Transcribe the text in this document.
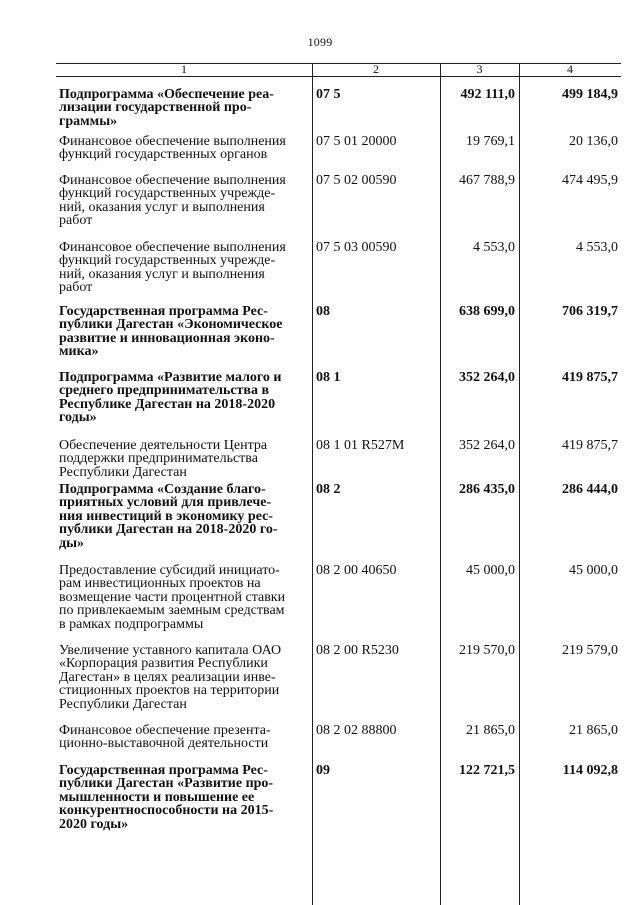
1099
1	2	3	4
Подпрограмма «Обеспечение реа-
лизации государственной про-
граммы»
07 5	492 111,0	499 184,9
Финансовое обеспечение выполнения
функций государственных органов
07 5 01 20000	19 769,1	20 136,0
Финансовое обеспечение выполнения
функций государственных учрежде-
ний, оказания услуг и выполнения
работ
07 5 02 00590	467 788,9	474 495,9
Финансовое обеспечение выполнения
функций государственных учрежде-
ний, оказания услуг и выполнения
работ
07 5 03 00590	4 553,0	4 553,0
Государственная программа Рес-
публики Дагестан «Экономическое
развитие и инновационная эконо-
мика»
08	638 699,0	706 319,7
Подпрограмма «Развитие малого и
среднего предпринимательства в
Республике Дагестан на 2018-2020
годы»
08 1	352 264,0	419 875,7
Обеспечение деятельности Центра
поддержки предпринимательства
Республики Дагестан
08 1 01 R527M	352 264,0	419 875,7
Подпрограмма «Создание благо-
приятных условий для привлече-
ния инвестиций в экономику рес-
публики Дагестан на 2018-2020 го-
ды»
08 2	286 435,0	286 444,0
Предоставление субсидий инициато-
рам инвестиционных проектов на
возмещение части процентной ставки
по привлекаемым заемным средствам
в рамках подпрограммы
08 2 00 40650	45 000,0	45 000,0
Увеличение уставного капитала ОАО
«Корпорация развития Республики
Дагестан» в целях реализации инве-
стиционных проектов на территории
Республики Дагестан
08 2 00 R5230	219 570,0	219 579,0
Финансовое обеспечение презента-
ционно-выставочной деятельности
08 2 02 88800	21 865,0	21 865,0
Государственная программа Рес-
публики Дагестан «Развитие про-
мышленности и повышение ее
конкурентноспособности на 2015-
2020 годы»
09	122 721,5	114 092,8
